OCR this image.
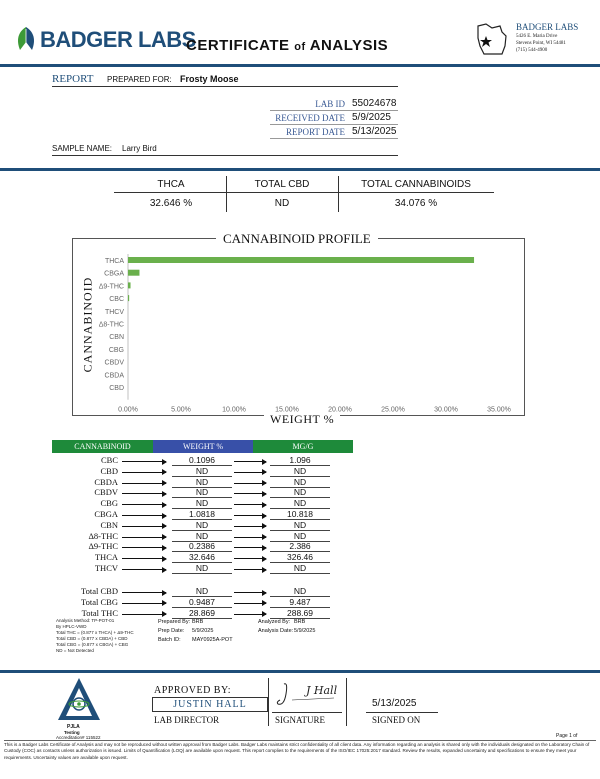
BADGER LABS
CERTIFICATE of ANALYSIS
BADGER LABS
5426 E. Maria Drive
Stevens Point, WI 54481
(715) 544-4900
REPORT PREPARED FOR: Frosty Moose
LAB ID 55024678
RECEIVED DATE 5/9/2025
REPORT DATE 5/13/2025
SAMPLE NAME: Larry Bird
THCA	TOTAL CBD	TOTAL CANNABINOIDS
32.646 %	ND	34.076 %
CANNABINOID PROFILE
CANNABINOID
WEIGHT %
THCA
CBGA
Δ9-THC
CBC
THCV
Δ8-THC
CBN
CBG
CBDV
CBDA
CBD
0.00%	5.00%	10.00%	15.00%	20.00%	25.00%	30.00%	35.00%
CANNABINOID	WEIGHT %	MG/G
CBC	0.1096	1.096
CBD	ND	ND
CBDA	ND	ND
CBDV	ND	ND
CBG	ND	ND
CBGA	1.0818	10.818
CBN	ND	ND
Δ8-THC	ND	ND
Δ9-THC	0.2386	2.386
THCA	32.646	326.46
THCV	ND	ND
Total CBD	ND	ND
Total CBG	0.9487	9.487
Total THC	28.869	288.69
Analysis Method: TP-POT-01
By HPLC-VWD
Total THC = (0.877 x THCA) + Δ9-THC
Total CBD = (0.877 x CBDA) + CBD
Total CBG = (0.877 x CBGA) + CBG
ND = Not Detected
Prepared By: BRB
Prep Date: 5/9/2025
Batch ID: MAY0925A-POT
Analyzed By: BRB
Analysis Date: 5/9/2025
PJLA
Testing
Accreditation# 115522
APPROVED BY:
JUSTIN HALL
LAB DIRECTOR
J Hall
SIGNATURE
5/13/2025
SIGNED ON
Page 1 of
This is a Badger Labs Certificate of Analysis and may not be reproduced without written approval from Badger Labs. Badger Labs maintains strict confidentiality of all client data. Any information regarding an analysis is shared only with the individuals designated on the Laboratory Chain of Custody (COC) as contacts unless authorization is issued. Limits of Quantification (LOQ) are available upon request. This report complies to the requirements of the ISO/IEC 17025:2017 standard. Review the results, expanded uncertainty and specifications to ensure they meet your requirements. Uncertainty values are available upon request.
